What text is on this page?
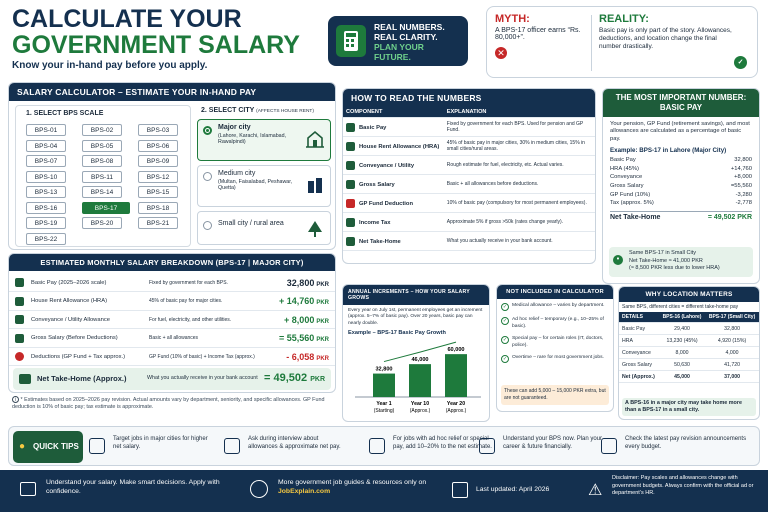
CALCULATE YOUR
GOVERNMENT SALARY
Know your in-hand pay before you apply.
REAL NUMBERS.
REAL CLARITY.
PLAN YOUR FUTURE.
MYTH:
A BPS-17 officer earns “Rs. 80,000+”.
✕
REALITY:
Basic pay is only part of the story. Allowances, deductions, and location change the final number drastically.
✓
SALARY CALCULATOR – ESTIMATE YOUR IN-HAND PAY
1. SELECT BPS SCALE
BPS-01	BPS-02	BPS-03
BPS-04	BPS-05	BPS-06
BPS-07	BPS-08	BPS-09
BPS-10	BPS-11	BPS-12
BPS-13	BPS-14	BPS-15
BPS-16	BPS-17	BPS-18
BPS-19	BPS-20	BPS-21
BPS-22
2. SELECT CITY (AFFECTS HOUSE RENT)
Major city
(Lahore, Karachi, Islamabad, Rawalpindi)
Medium city
(Multan, Faisalabad, Peshawar, Quetta)
Small city / rural area
ESTIMATED MONTHLY SALARY BREAKDOWN (BPS-17 | MAJOR CITY)
Basic Pay (2025–2026 scale)	Fixed by government for each BPS.	32,800 PKR
House Rent Allowance (HRA)	45% of basic pay for major cities.	+ 14,760 PKR
Conveyance / Utility Allowance	For fuel, electricity, and other utilities.	+ 8,000 PKR
Gross Salary (Before Deductions)	Basic + all allowances	= 55,560 PKR
Deductions (GP Fund + Tax approx.)	GP Fund (10% of basic) + Income Tax (approx.)	- 6,058 PKR
Net Take-Home (Approx.)	What you actually receive in your bank account = 49,502 PKR
i * Estimates based on 2025–2026 pay revision. Actual amounts vary by department, seniority, and specific allowances. GP Fund deduction is 10% of basic pay; tax estimate is approximate.
HOW TO READ THE NUMBERS
COMPONENT	EXPLANATION
Basic Pay	Fixed by government for each BPS. Used for pension and GP Fund.
House Rent Allowance (HRA)	45% of basic pay in major cities, 30% in medium cities, 15% in small cities/rural areas.
Conveyance / Utility	Rough estimate for fuel, electricity, etc. Actual varies.
Gross Salary	Basic + all allowances before deductions.
GP Fund Deduction	10% of basic pay (compulsory for most permanent employees).
Income Tax	Approximate 5% if gross >50k (rates change yearly).
Net Take-Home	What you actually receive in your bank account.
THE MOST IMPORTANT NUMBER: BASIC PAY
Your pension, GP Fund (retirement savings), and most allowances are calculated as a percentage of basic pay.
Example: BPS-17 in Lahore (Major City)
Basic Pay	32,800
HRA (45%)	+14,760
Conveyance	+8,000
Gross Salary	=55,560
GP Fund (10%)	-3,280
Tax (approx. 5%)	-2,778
Net Take-Home	= 49,502 PKR
•
Same BPS-17 in Small City
Net Take-Home ≈ 41,000 PKR
(≈ 8,500 PKR less due to lower HRA)
ANNUAL INCREMENTS – HOW YOUR SALARY GROWS
Every year on July 1st, permanent employees get an increment (approx. 5–7% of basic pay). Over 20 years, basic pay can nearly double.
Example – BPS-17 Basic Pay Growth
32,800
Year 1
(Starting)
46,000
Year 10
(Approx.)
60,000
Year 20
(Approx.)
NOT INCLUDED IN CALCULATOR
✓	Medical allowance – varies by department.
✓	Ad hoc relief – temporary (e.g., 10–25% of basic).
✓	Special pay – for certain roles (IT, doctors, police).
✓	Overtime – rare for most government jobs.
These can add 5,000 – 15,000 PKR extra, but are not guaranteed.
WHY LOCATION MATTERS
Same BPS, different cities = different take-home pay
DETAILS	BPS-16 (Lahore)	BPS-17 (Small City)
Basic Pay	29,400	32,800
HRA	13,230 (45%)	4,920 (15%)
Conveyance	8,000	4,000
Gross Salary	50,630	41,720
Net (Approx.)	45,000	37,000
A BPS-16 in a major city may take home more than a BPS-17 in a small city.
● QUICK TIPS
Target jobs in major cities for higher net salary.
Ask during interview about allowances & approximate net pay.
For jobs with ad hoc relief or special pay, add 10–20% to the net estimate.
Understand your BPS now. Plan your career & future financially.
Check the latest pay revision announcements every budget.
Understand your salary. Make smart decisions. Apply with confidence.
More government job guides & resources only on JobExplain.com	Last updated: April 2026	⚠
Disclaimer: Pay scales and allowances change with government budgets. Always confirm with the official ad or department’s HR.
